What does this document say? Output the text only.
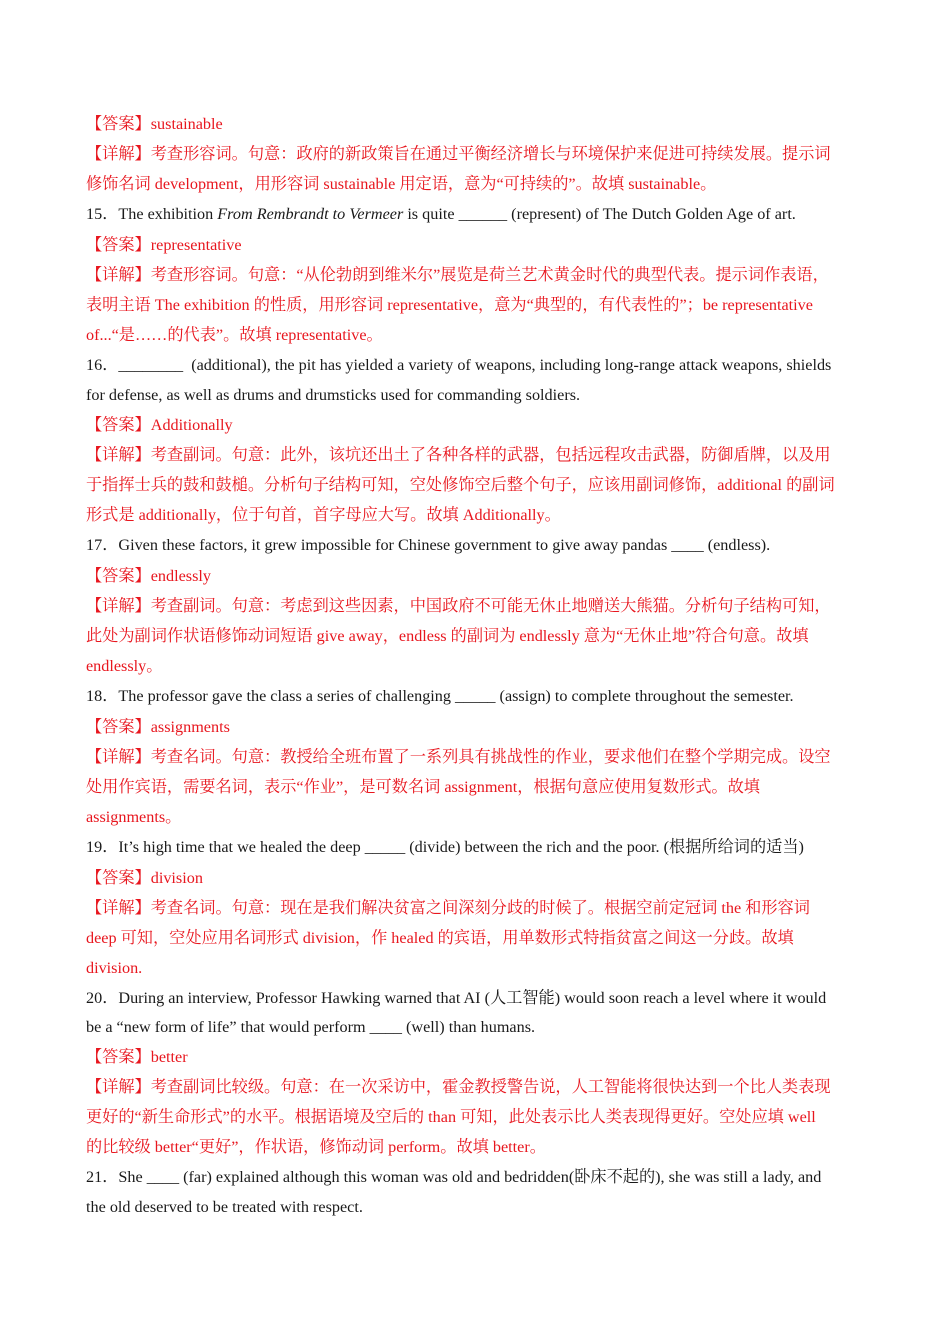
【答案】sustainable
【详解】考查形容词。句意：政府的新政策旨在通过平衡经济增长与环境保护来促进可持续发展。提示词
修饰名词 development，用形容词 sustainable 用定语，意为“可持续的”。故填 sustainable。
15．The exhibition From Rembrandt to Vermeer is quite ______ (represent) of The Dutch Golden Age of art.
【答案】representative
【详解】考查形容词。句意：“从伦勃朗到维米尔”展览是荷兰艺术黄金时代的典型代表。提示词作表语，
表明主语 The exhibition 的性质，用形容词 representative，意为“典型的，有代表性的”；be representative
of...“是……的代表”。故填 representative。
16．________  (additional), the pit has yielded a variety of weapons, including long-range attack weapons, shields
for defense, as well as drums and drumsticks used for commanding soldiers.
【答案】Additionally
【详解】考查副词。句意：此外，该坑还出土了各种各样的武器，包括远程攻击武器，防御盾牌，以及用
于指挥士兵的鼓和鼓槌。分析句子结构可知，空处修饰空后整个句子，应该用副词修饰，additional 的副词
形式是 additionally，位于句首，首字母应大写。故填 Additionally。
17．Given these factors, it grew impossible for Chinese government to give away pandas ____ (endless).
【答案】endlessly
【详解】考查副词。句意：考虑到这些因素，中国政府不可能无休止地赠送大熊猫。分析句子结构可知，
此处为副词作状语修饰动词短语 give away，endless 的副词为 endlessly 意为“无休止地”符合句意。故填
endlessly。
18．The professor gave the class a series of challenging _____ (assign) to complete throughout the semester.
【答案】assignments
【详解】考查名词。句意：教授给全班布置了一系列具有挑战性的作业，要求他们在整个学期完成。设空
处用作宾语，需要名词，表示“作业”，是可数名词 assignment，根据句意应使用复数形式。故填
assignments。
19．It’s high time that we healed the deep _____ (divide) between the rich and the poor. (根据所给词的适当)
【答案】division
【详解】考查名词。句意：现在是我们解决贫富之间深刻分歧的时候了。根据空前定冠词 the 和形容词
deep 可知，空处应用名词形式 division，作 healed 的宾语，用单数形式特指贫富之间这一分歧。故填
division.
20．During an interview, Professor Hawking warned that AI (人工智能) would soon reach a level where it would
be a “new form of life” that would perform ____ (well) than humans.
【答案】better
【详解】考查副词比较级。句意：在一次采访中，霍金教授警告说，人工智能将很快达到一个比人类表现
更好的“新生命形式”的水平。根据语境及空后的 than 可知，此处表示比人类表现得更好。空处应填 well
的比较级 better“更好”，作状语，修饰动词 perform。故填 better。
21．She ____ (far) explained although this woman was old and bedridden(卧床不起的), she was still a lady, and
the old deserved to be treated with respect.
